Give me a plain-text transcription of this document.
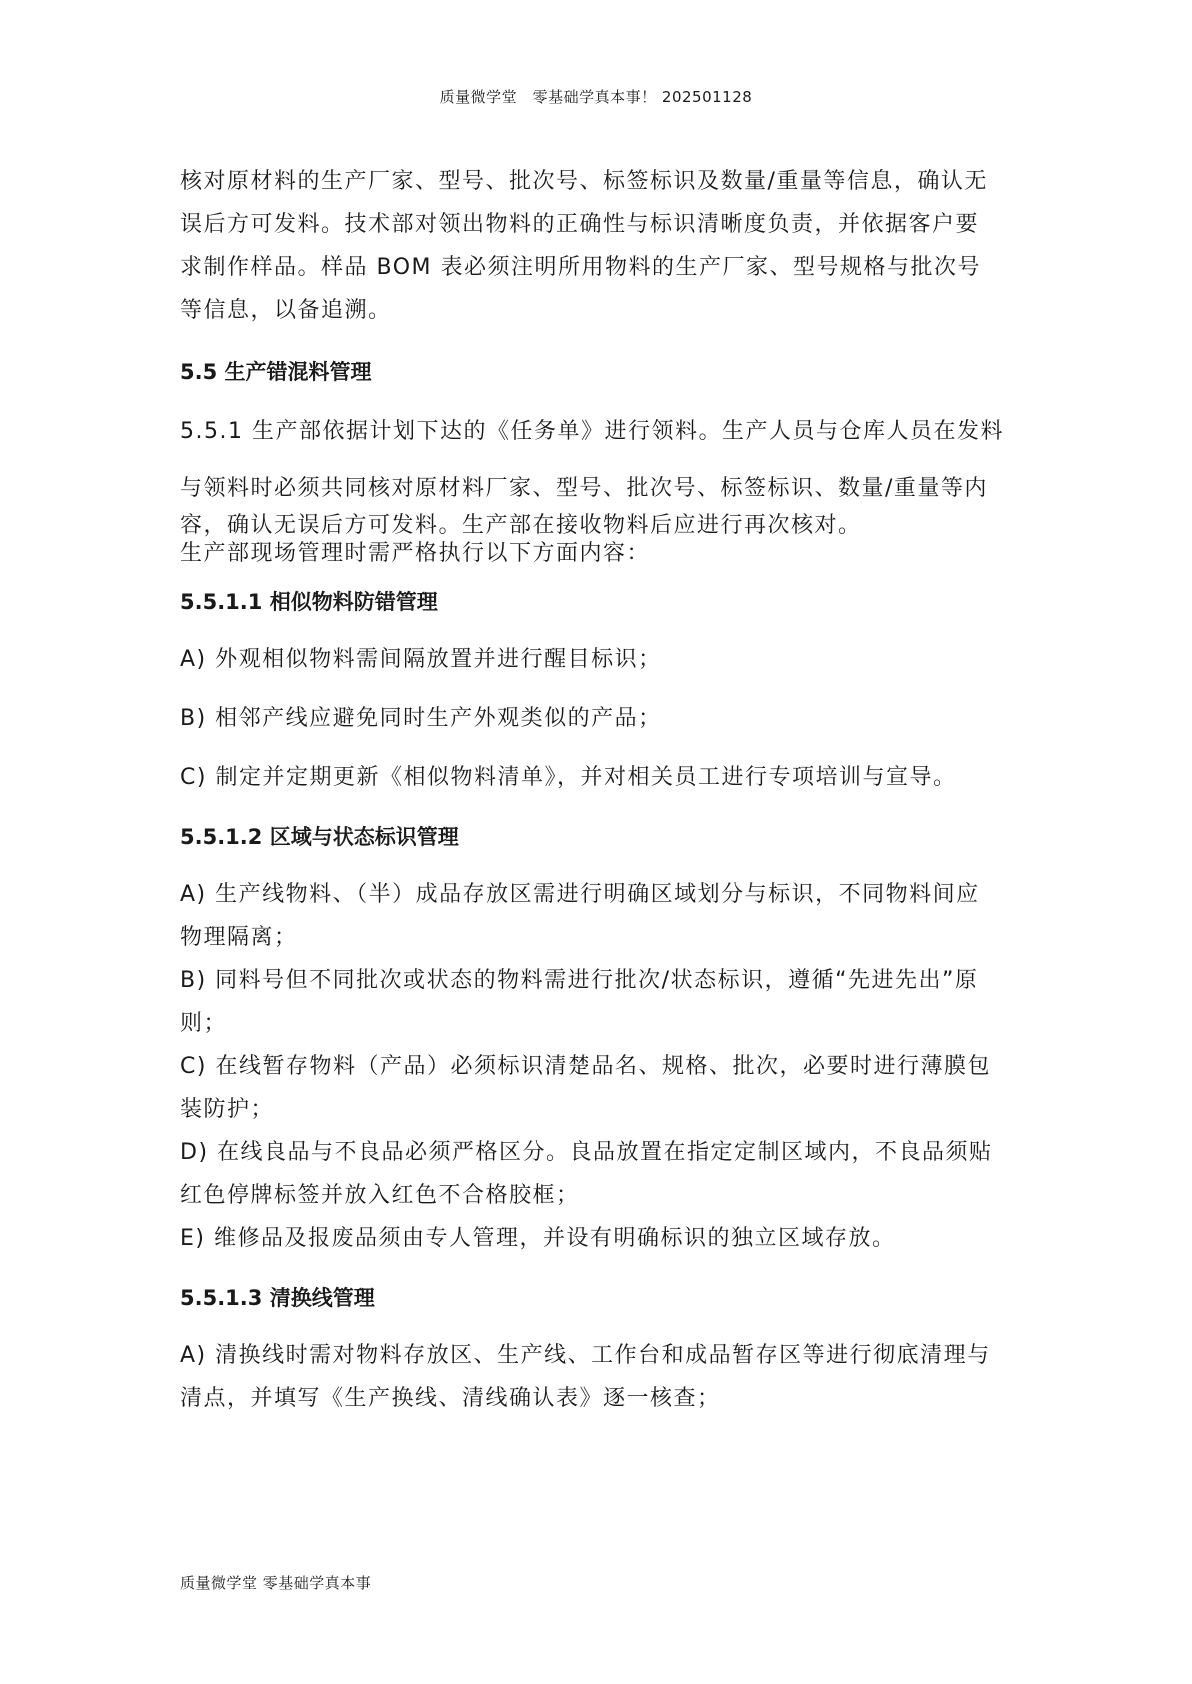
质量微学堂　零基础学真本事！ 202501128

核对原材料的生产厂家、型号、批次号、标签标识及数量/重量等信息，确认无

误后方可发料。技术部对领出物料的正确性与标识清晰度负责，并依据客户要

求制作样品。样品 BOM 表必须注明所用物料的生产厂家、型号规格与批次号

等信息，以备追溯。

5.5 生产错混料管理

5.5.1 生产部依据计划下达的《任务单》进行领料。生产人员与仓库人员在发料

与领料时必须共同核对原材料厂家、型号、批次号、标签标识、数量/重量等内

容，确认无误后方可发料。生产部在接收物料后应进行再次核对。

生产部现场管理时需严格执行以下方面内容：

5.5.1.1 相似物料防错管理

A) 外观相似物料需间隔放置并进行醒目标识；

B) 相邻产线应避免同时生产外观类似的产品；

C) 制定并定期更新《相似物料清单》，并对相关员工进行专项培训与宣导。

5.5.1.2 区域与状态标识管理

A) 生产线物料、（半）成品存放区需进行明确区域划分与标识，不同物料间应

物理隔离；

B) 同料号但不同批次或状态的物料需进行批次/状态标识，遵循“先进先出”原

则；

C) 在线暂存物料（产品）必须标识清楚品名、规格、批次，必要时进行薄膜包

装防护；

D) 在线良品与不良品必须严格区分。良品放置在指定定制区域内，不良品须贴

红色停牌标签并放入红色不合格胶框；

E) 维修品及报废品须由专人管理，并设有明确标识的独立区域存放。

5.5.1.3 清换线管理

A) 清换线时需对物料存放区、生产线、工作台和成品暂存区等进行彻底清理与

清点，并填写《生产换线、清线确认表》逐一核查；

质量微学堂 零基础学真本事
